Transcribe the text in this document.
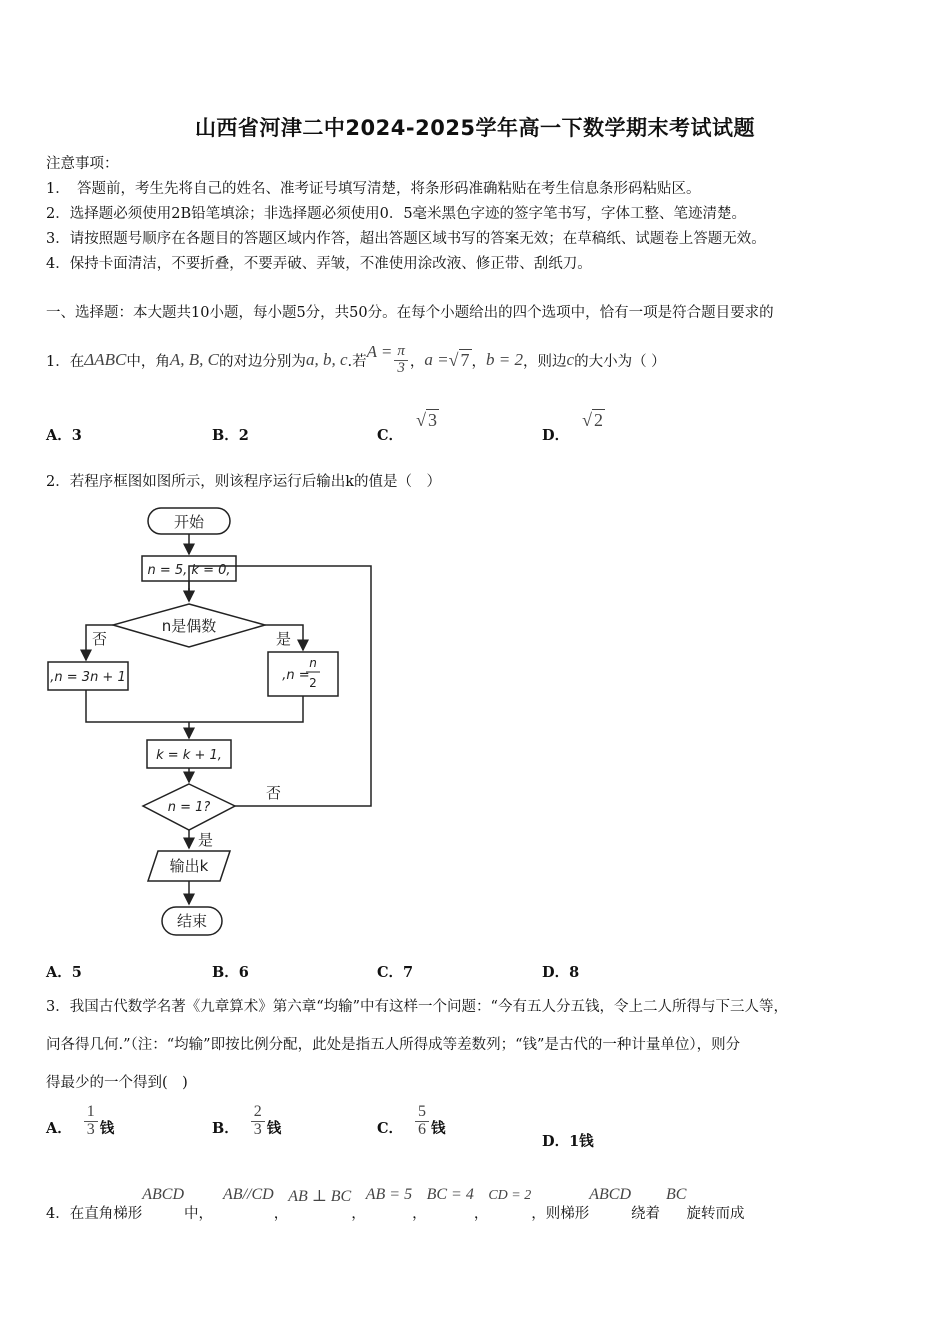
山西省河津二中2024-2025学年高一下数学期末考试试题
注意事项：
1．　答题前，考生先将自己的姓名、准考证号填写清楚，将条形码准确粘贴在考生信息条形码粘贴区。
2．选择题必须使用2B铅笔填涂；非选择题必须使用0．5毫米黑色字迹的签字笔书写，字体工整、笔迹清楚。
3．请按照题号顺序在各题目的答题区域内作答，超出答题区域书写的答案无效；在草稿纸、试题卷上答题无效。
4．保持卡面清洁，不要折叠，不要弄破、弄皱，不准使用涂改液、修正带、刮纸刀。
一、选择题：本大题共10小题，每小题5分，共50分。在每个小题给出的四个选项中，恰有一项是符合题目要求的
1．在 ΔABC 中，角 A, B, C 的对边分别为 a, b, c .若
$A = \frac{\pi}{3}$ ， a = √ 7 ， b = 2 ，则边 c 的大小为（ ）
A．3	B．2	C． √ 3
D． √ 2
2．若程序框图如图所示，则该程序运行后输出k的值是（　）
开始
n = 5, k = 0,
n是偶数
否	是
,n = 3n + 1	,n =
n
2
k = k + 1,
n = 1?
否
是
输出k
结束
A．5	B．6	C．7	D．8
3．我国古代数学名著《九章算术》第六章“均输”中有这样一个问题：“今有五人分五钱，令上二人所得与下三人等，
问各得几何.”（注：“均输”即按比例分配，此处是指五人所得成等差数列；“钱”是古代的一种计量单位），则分
得最少的一个得到(　)
A． $\frac{1}{3}$ 钱	B． $\frac{2}{3}$ 钱	C． $\frac{5}{6}$ 钱
D．1钱
4．在直角梯形
ABCD
中，
AB//CD
，
AB ⊥ BC
，
AB = 5
，
BC = 4
，
CD = 2
，则梯形
ABCD
绕着
BC
旋转而成
